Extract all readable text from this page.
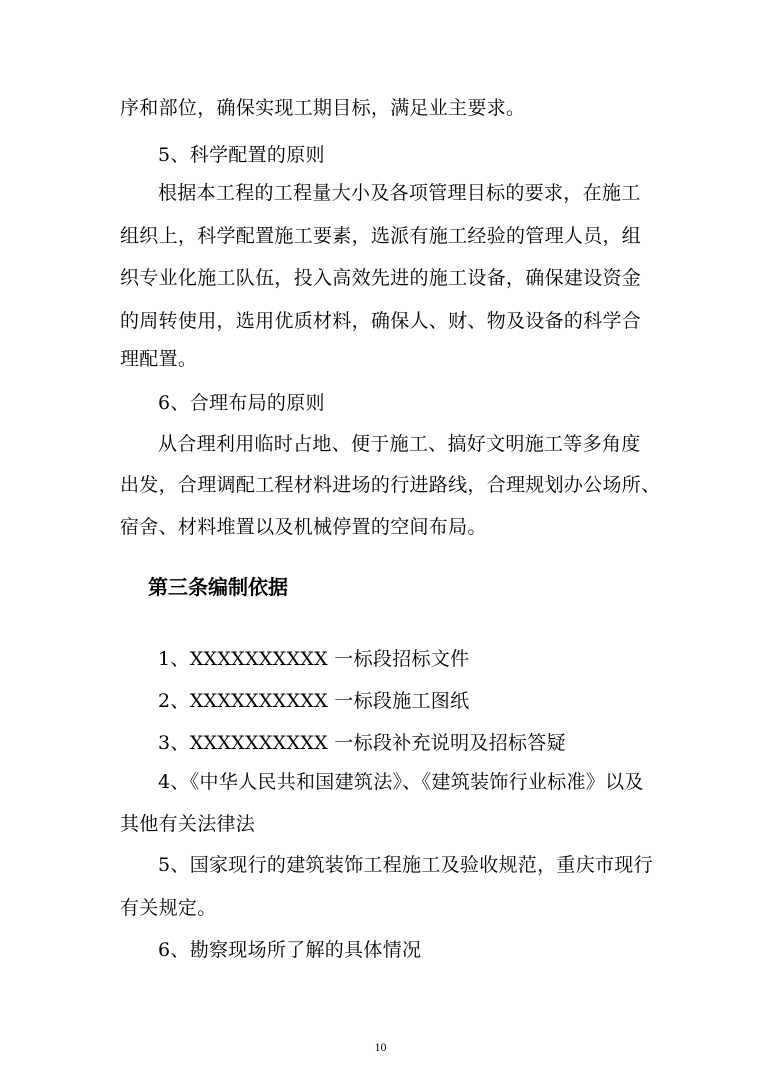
序和部位，确保实现工期目标，满足业主要求。
5、科学配置的原则
根据本工程的工程量大小及各项管理目标的要求，在施工
组织上，科学配置施工要素，选派有施工经验的管理人员，组
织专业化施工队伍，投入高效先进的施工设备，确保建设资金
的周转使用，选用优质材料，确保人、财、物及设备的科学合
理配置。
6、合理布局的原则
从合理利用临时占地、便于施工、搞好文明施工等多角度
出发，合理调配工程材料进场的行进路线，合理规划办公场所、
宿舍、材料堆置以及机械停置的空间布局。
第三条编制依据
1、XXXXXXXXXX 一标段招标文件
2、XXXXXXXXXX 一标段施工图纸
3、XXXXXXXXXX 一标段补充说明及招标答疑
4、《中华人民共和国建筑法》、《建筑装饰行业标准》以及
其他有关法律法
5、国家现行的建筑装饰工程施工及验收规范，重庆市现行
有关规定。
6、勘察现场所了解的具体情况
10
